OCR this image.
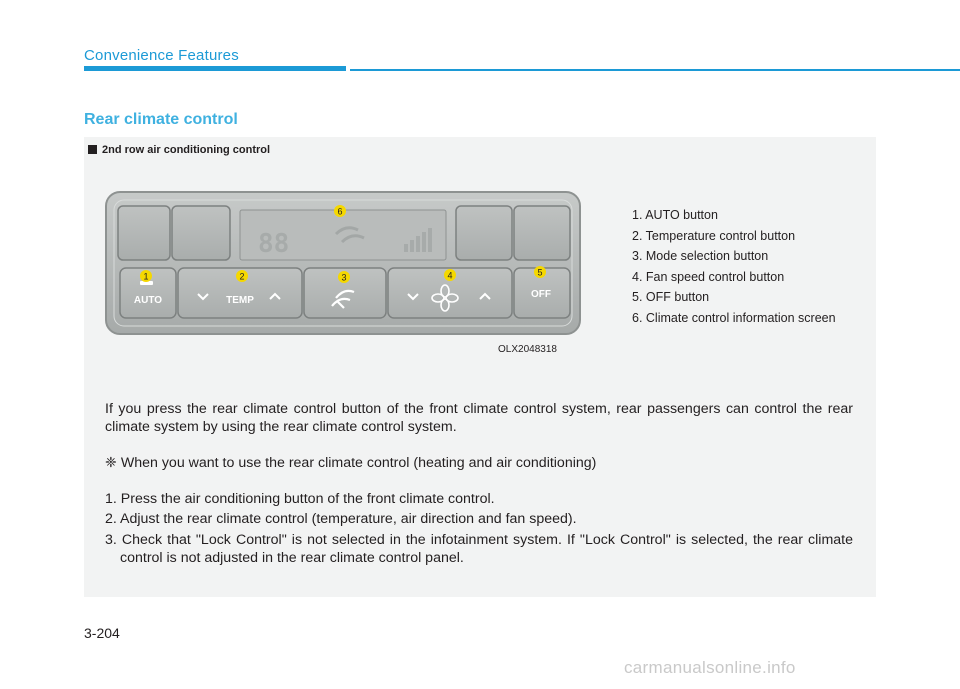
Convenience Features
Rear climate control
2nd row air conditioning control
88
AUTO	TEMP
OFF
1	2	3	4	5
6	1. AUTO button
2. Temperature control button
3. Mode selection button
4. Fan speed control button
5. OFF button
6. Climate control information screen
OLX2048318
If you press the rear climate control button of the front climate control system, rear passengers can control the rear climate system by using the rear climate control system.
❈ When you want to use the rear climate control (heating and air conditioning)
1. Press the air conditioning button of the front climate control.
2. Adjust the rear climate control (temperature, air direction and fan speed).
3. Check that "Lock Control" is not selected in the infotainment system. If "Lock Control" is selected, the rear climate control is not adjusted in the rear climate control panel.
3-204
carmanualsonline.info
